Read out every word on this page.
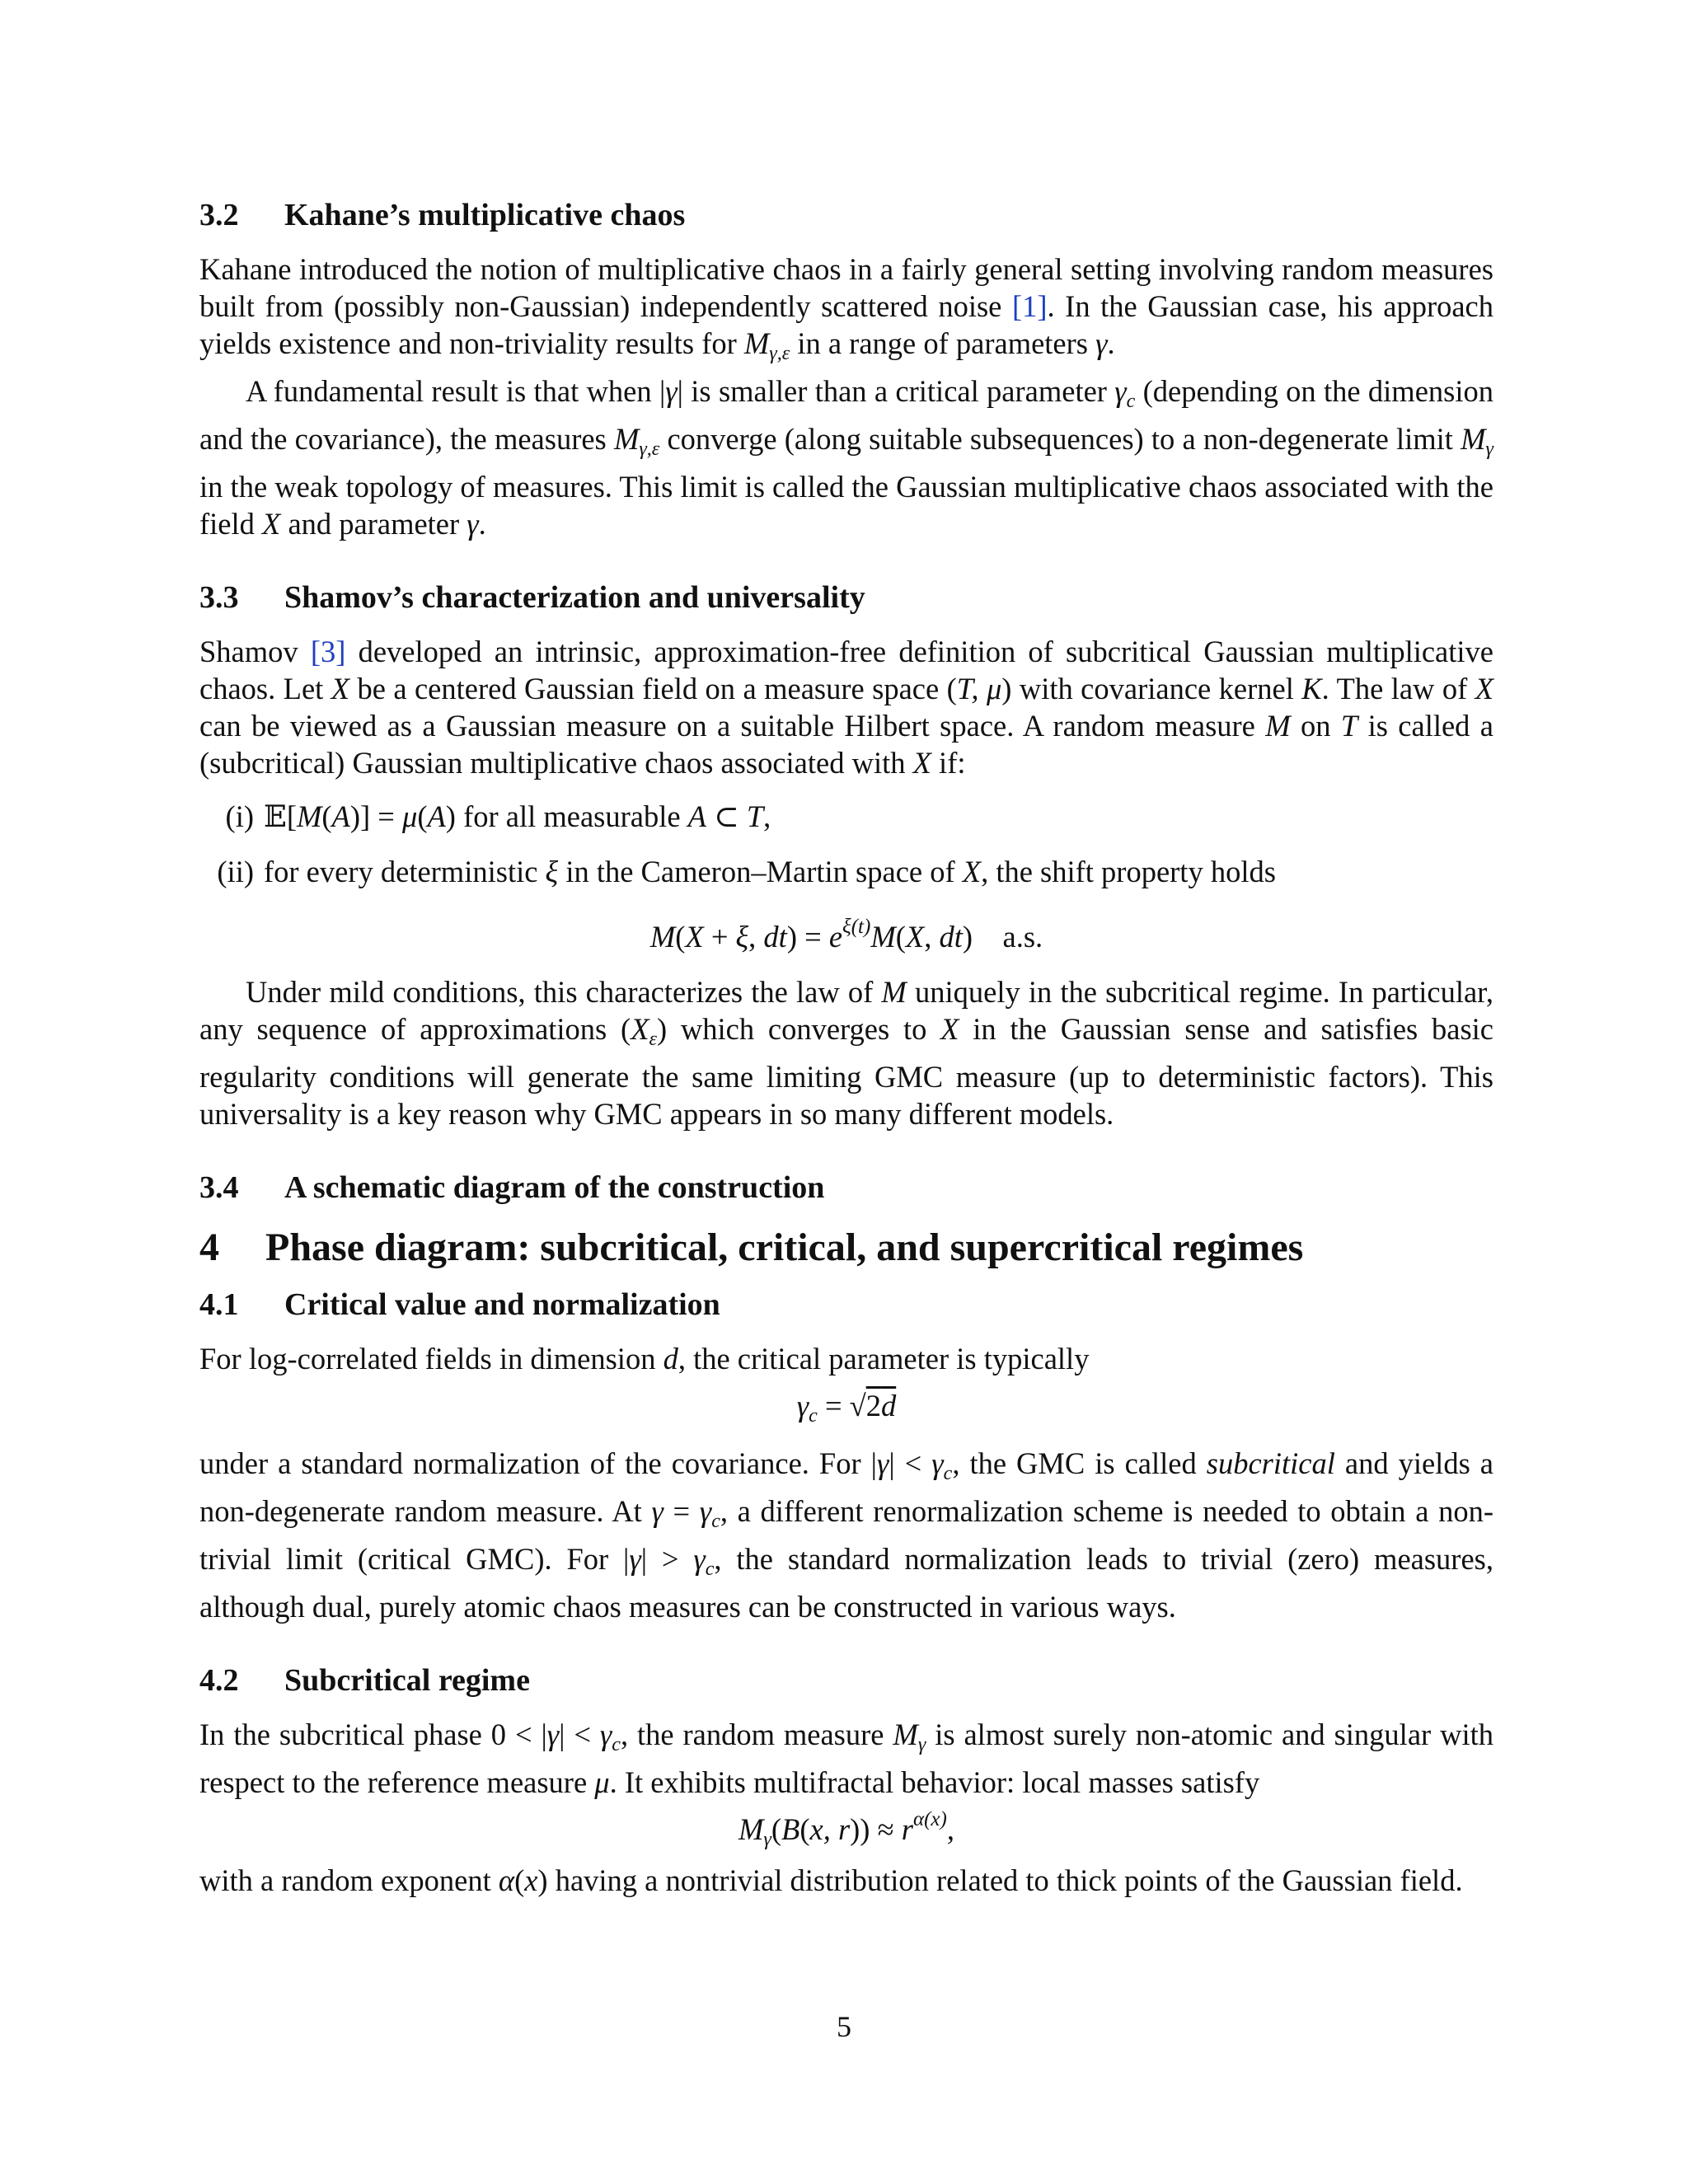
3.2 Kahane’s multiplicative chaos

Kahane introduced the notion of multiplicative chaos in a fairly general setting involving random measures built from (possibly non-Gaussian) independently scattered noise [1]. In the Gaussian case, his approach yields existence and non-triviality results for $M_{\gamma,\varepsilon}$ in a range of parameters γ.

A fundamental result is that when |γ| is smaller than a critical parameter $\gamma_c$ (depending on the dimension and the covariance), the measures $M_{\gamma,\varepsilon}$ converge (along suitable subsequences) to a non-degenerate limit $M_\gamma$ in the weak topology of measures. This limit is called the Gaussian multiplicative chaos associated with the field X and parameter γ.

3.3 Shamov’s characterization and universality

Shamov [3] developed an intrinsic, approximation-free definition of subcritical Gaussian multiplicative chaos. Let X be a centered Gaussian field on a measure space (T, μ) with covariance kernel K. The law of X can be viewed as a Gaussian measure on a suitable Hilbert space. A random measure M on T is called a (subcritical) Gaussian multiplicative chaos associated with X if:

(i) 𝔼[M(A)] = μ(A) for all measurable A ⊂ T,
(ii) for every deterministic ξ in the Cameron–Martin space of X, the shift property holds

M(X + ξ, $dt) = e^{\xi(t)}M(X$, dt)    a.s.

Under mild conditions, this characterizes the law of M uniquely in the subcritical regime. In particular, any sequence of approximations $(X_\varepsilon)$ which converges to X in the Gaussian sense and satisfies basic regularity conditions will generate the same limiting GMC measure (up to deterministic factors). This universality is a key reason why GMC appears in so many different models.

3.4 A schematic diagram of the construction
4 Phase diagram: subcritical, critical, and supercritical regimes
4.1 Critical value and normalization

For log-correlated fields in dimension d, the critical parameter is typically

$\gamma_c = √2d$

under a standard normalization of the covariance. For $|\gamma| < \gamma_c$, the GMC is called subcritical and yields a non-degenerate random measure. At $\gamma = \gamma_c$, a different renormalization scheme is needed to obtain a non-trivial limit (critical GMC). For $|\gamma| > \gamma_c$, the standard normalization leads to trivial (zero) measures, although dual, purely atomic chaos measures can be constructed in various ways.

4.2 Subcritical regime

In the subcritical phase $0 < |\gamma| < \gamma_c$, the random measure $M_\gamma$ is almost surely non-atomic and singular with respect to the reference measure μ. It exhibits multifractal behavior: local masses satisfy

$M_\gamma(B(x$, $r)) \approx r^{\alpha(x)}$,

with a random exponent α(x) having a nontrivial distribution related to thick points of the Gaussian field.

5
